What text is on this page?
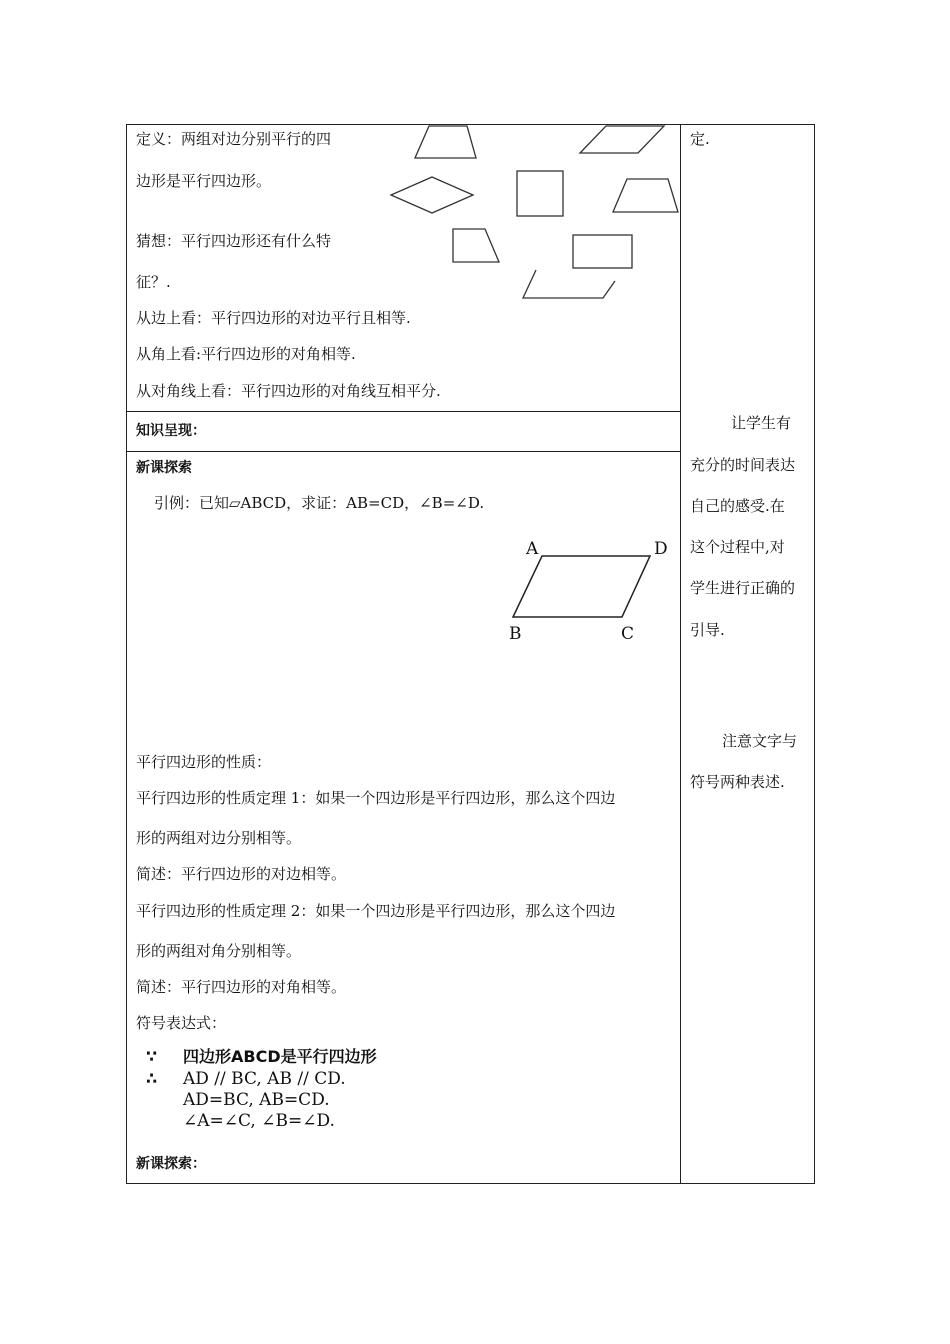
定义：两组对边分别平行的四
边形是平行四边形。
猜想：平行四边形还有什么特
征？.
从边上看：平行四边形的对边平行且相等.
从角上看:平行四边形的对角相等.
从对角线上看：平行四边形的对角线互相平分.
知识呈现：
新课探索
引例：已知▱ABCD，求证：AB=CD，∠B=∠D.
A	D
B	C
平行四边形的性质：
平行四边形的性质定理 1：如果一个四边形是平行四边形，那么这个四边
形的两组对边分别相等。
简述：平行四边形的对边相等。
平行四边形的性质定理 2：如果一个四边形是平行四边形，那么这个四边
形的两组对角分别相等。
简述：平行四边形的对角相等。
符号表达式：
∵ 四边形ABCD是平行四边形
∴ AD // BC, AB // CD.
AD=BC, AB=CD.
∠A=∠C, ∠B=∠D.
新课探索：
定.
让学生有
充分的时间表达
自己的感受.在
这个过程中,对
学生进行正确的
引导.
注意文字与
符号两种表述.
